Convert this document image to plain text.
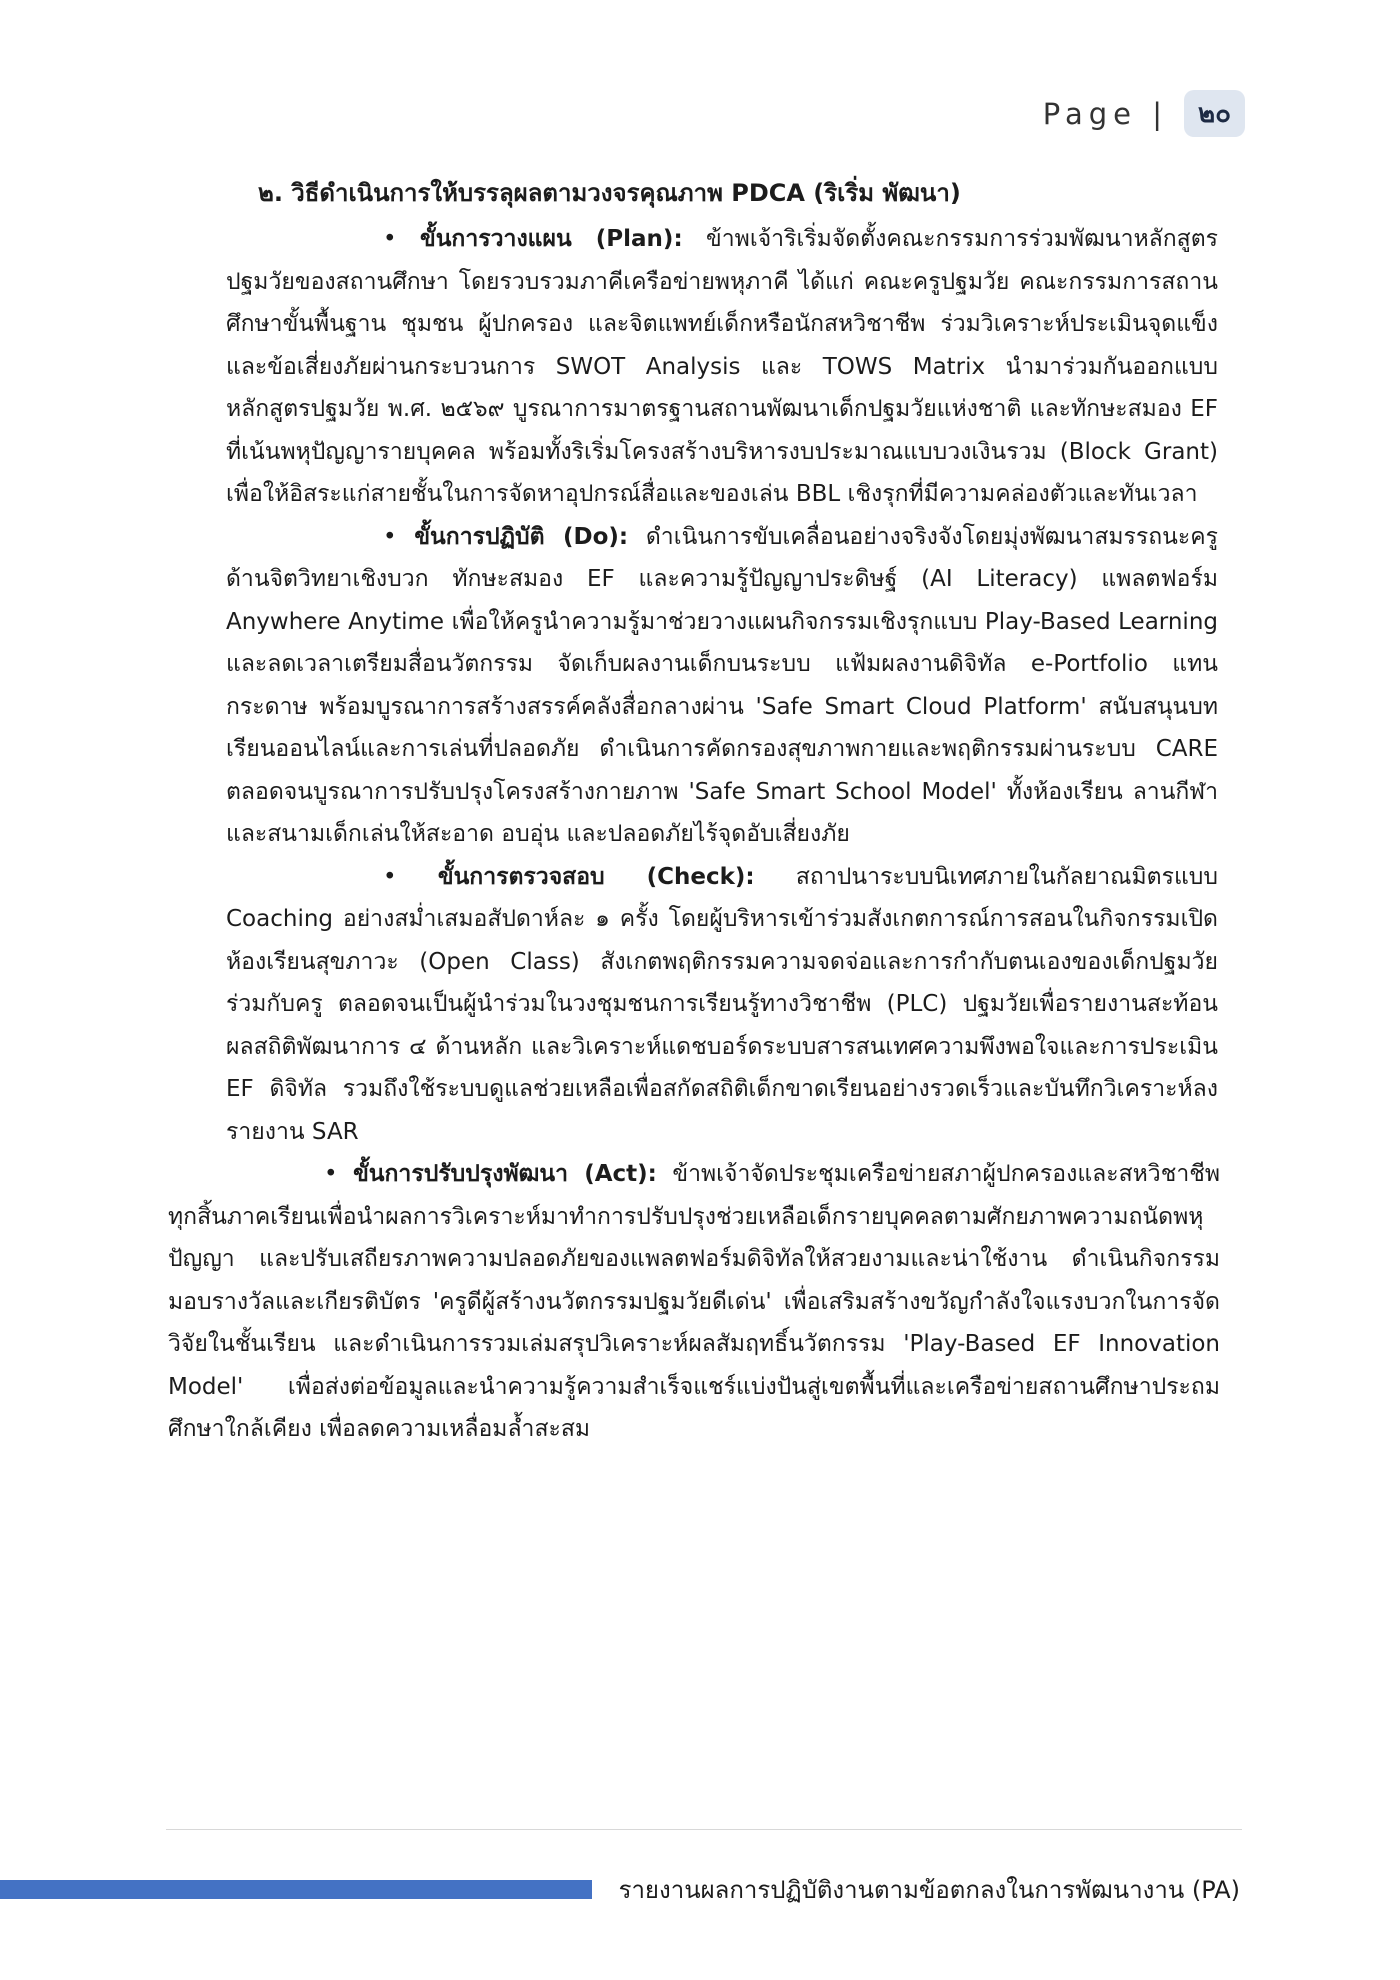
Page |	๒๐

๒. วิธีดำเนินการให้บรรลุผลตามวงจรคุณภาพ PDCA (ริเริ่ม พัฒนา)

• ขั้นการวางแผน (Plan): ข้าพเจ้าริเริ่มจัดตั้งคณะกรรมการร่วมพัฒนาหลักสูตรปฐมวัยของสถานศึกษา โดยรวบรวมภาคีเครือข่ายพหุภาคี ได้แก่ คณะครูปฐมวัย คณะกรรมการสถานศึกษาขั้นพื้นฐาน ชุมชน ผู้ปกครอง และจิตแพทย์เด็กหรือนักสหวิชาชีพ ร่วมวิเคราะห์ประเมินจุดแข็งและข้อเสี่ยงภัยผ่านกระบวนการ SWOT Analysis และ TOWS Matrix นำมาร่วมกันออกแบบหลักสูตรปฐมวัย พ.ศ. ๒๕๖๙ บูรณาการมาตรฐานสถานพัฒนาเด็กปฐมวัยแห่งชาติ และทักษะสมอง EF ที่เน้นพหุปัญญารายบุคคล พร้อมทั้งริเริ่มโครงสร้างบริหารงบประมาณแบบวงเงินรวม (Block Grant) เพื่อให้อิสระแก่สายชั้นในการจัดหาอุปกรณ์สื่อและของเล่น BBL เชิงรุกที่มีความคล่องตัวและทันเวลา

• ขั้นการปฏิบัติ (Do): ดำเนินการขับเคลื่อนอย่างจริงจังโดยมุ่งพัฒนาสมรรถนะครูด้านจิตวิทยาเชิงบวก ทักษะสมอง EF และความรู้ปัญญาประดิษฐ์ (AI Literacy) แพลตฟอร์ม Anywhere Anytime เพื่อให้ครูนำความรู้มาช่วยวางแผนกิจกรรมเชิงรุกแบบ Play-Based Learning และลดเวลาเตรียมสื่อนวัตกรรม จัดเก็บผลงานเด็กบนระบบ แฟ้มผลงานดิจิทัล e-Portfolio แทนกระดาษ พร้อมบูรณาการสร้างสรรค์คลังสื่อกลางผ่าน 'Safe Smart Cloud Platform' สนับสนุนบทเรียนออนไลน์และการเล่นที่ปลอดภัย ดำเนินการคัดกรองสุขภาพกายและพฤติกรรมผ่านระบบ CARE ตลอดจนบูรณาการปรับปรุงโครงสร้างกายภาพ 'Safe Smart School Model' ทั้งห้องเรียน ลานกีฬา และสนามเด็กเล่นให้สะอาด อบอุ่น และปลอดภัยไร้จุดอับเสี่ยงภัย

• ขั้นการตรวจสอบ (Check): สถาปนาระบบนิเทศภายในกัลยาณมิตรแบบ Coaching อย่างสม่ำเสมอสัปดาห์ละ ๑ ครั้ง โดยผู้บริหารเข้าร่วมสังเกตการณ์การสอนในกิจกรรมเปิดห้องเรียนสุขภาวะ (Open Class) สังเกตพฤติกรรมความจดจ่อและการกำกับตนเองของเด็กปฐมวัยร่วมกับครู ตลอดจนเป็นผู้นำร่วมในวงชุมชนการเรียนรู้ทางวิชาชีพ (PLC) ปฐมวัยเพื่อรายงานสะท้อนผลสถิติพัฒนาการ ๔ ด้านหลัก และวิเคราะห์แดชบอร์ดระบบสารสนเทศความพึงพอใจและการประเมิน EF ดิจิทัล รวมถึงใช้ระบบดูแลช่วยเหลือเพื่อสกัดสถิติเด็กขาดเรียนอย่างรวดเร็วและบันทึกวิเคราะห์ลงรายงาน SAR

• ขั้นการปรับปรุงพัฒนา (Act): ข้าพเจ้าจัดประชุมเครือข่ายสภาผู้ปกครองและสหวิชาชีพทุกสิ้นภาคเรียนเพื่อนำผลการวิเคราะห์มาทำการปรับปรุงช่วยเหลือเด็กรายบุคคลตามศักยภาพความถนัดพหุปัญญา และปรับเสถียรภาพความปลอดภัยของแพลตฟอร์มดิจิทัลให้สวยงามและน่าใช้งาน ดำเนินกิจกรรมมอบรางวัลและเกียรติบัตร 'ครูดีผู้สร้างนวัตกรรมปฐมวัยดีเด่น' เพื่อเสริมสร้างขวัญกำลังใจแรงบวกในการจัดวิจัยในชั้นเรียน และดำเนินการรวมเล่มสรุปวิเคราะห์ผลสัมฤทธิ์นวัตกรรม 'Play-Based EF Innovation Model' เพื่อส่งต่อข้อมูลและนำความรู้ความสำเร็จแชร์แบ่งปันสู่เขตพื้นที่และเครือข่ายสถานศึกษาประถมศึกษาใกล้เคียง เพื่อลดความเหลื่อมล้ำสะสม

รายงานผลการปฏิบัติงานตามข้อตกลงในการพัฒนางาน (PA)
